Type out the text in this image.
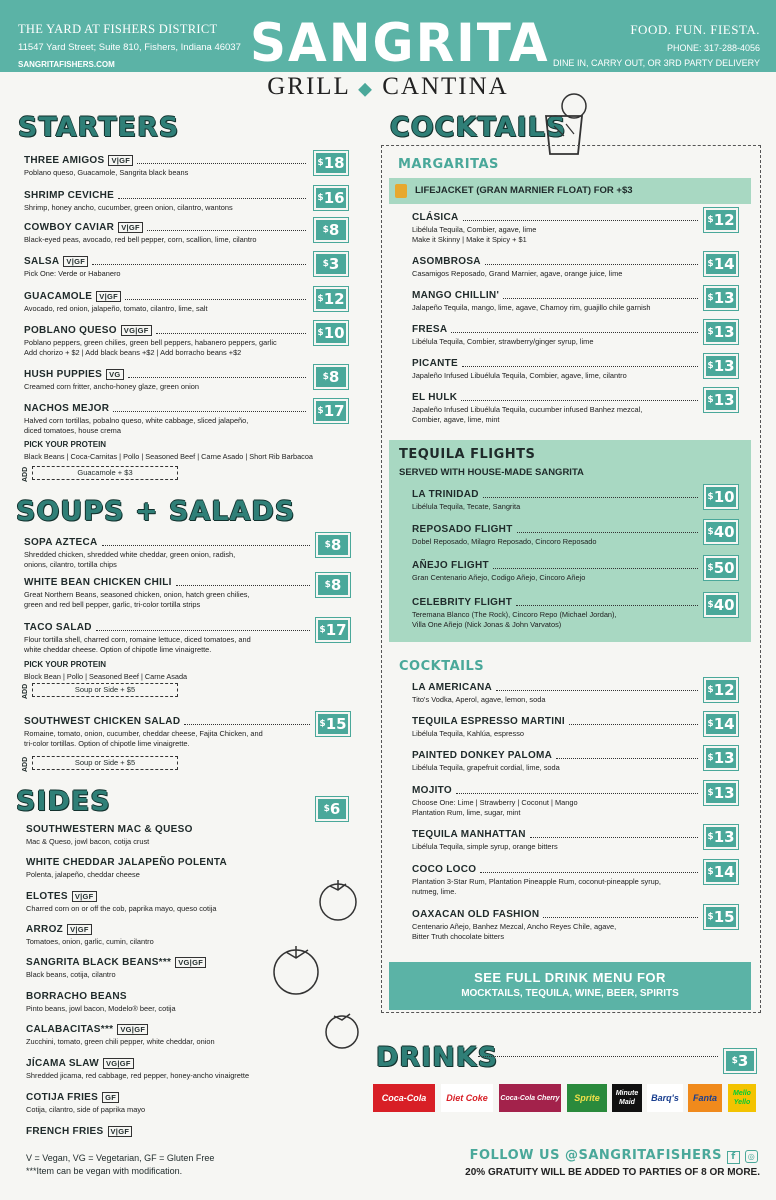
THE YARD AT FISHERS DISTRICT
11547 Yard Street; Suite 810, Fishers, Indiana 46037
SANGRITAFISHERS.COM
FOOD. FUN. FIESTA.
PHONE: 317-288-4056
DINE IN, CARRY OUT, OR 3RD PARTY DELIVERY
SANGRITA
GRILL ◆ CANTINA
STARTERS
THREE AMIGOS V|GF
Poblano queso, Guacamole, Sangrita black beans
$18
SHRIMP CEVICHE
Shrimp, honey ancho, cucumber, green onion, cilantro, wantons
$16
COWBOY CAVIAR V|GF
Black-eyed peas, avocado, red bell pepper, corn, scallion, lime, cilantro
$8
SALSA V|GF
Pick One: Verde or Habanero
$3
GUACAMOLE V|GF
Avocado, red onion, jalapeño, tomato, cilantro, lime, salt
$12
POBLANO QUESO VG|GF
Poblano peppers, green chilies, green bell peppers, habanero peppers, garlic
Add chorizo + $2 | Add black beans +$2 | Add borracho beans +$2
$10
HUSH PUPPIES VG
Creamed corn fritter, ancho-honey glaze, green onion
$8
NACHOS MEJOR
Halved corn tortillas, pobalno queso, white cabbage, sliced jalapeño,
diced tomatoes, house crema
$17
PICK YOUR PROTEIN
Black Beans | Coca-Carnitas | Pollo | Seasoned Beef | Carne Asado | Short Rib Barbacoa
ADD	Guacamole + $3
SOUPS + SALADS
SOPA AZTECA
Shredded chicken, shredded white cheddar, green onion, radish,
onions, cilantro, tortilla chips
$8
WHITE BEAN CHICKEN CHILI
Great Northern Beans, seasoned chicken, onion, hatch green chilies,
green and red bell pepper, garlic, tri-color tortilla strips
$8
TACO SALAD
Flour tortilla shell, charred corn, romaine lettuce, diced tomatoes, and
white cheddar cheese. Option of chipotle lime vinaigrette.
$17
SOUTHWEST CHICKEN SALAD
Romaine, tomato, onion, cucumber, cheddar cheese, Fajita Chicken, and
tri-color tortillas. Option of chipotle lime vinaigrette.
$15
PICK YOUR PROTEIN
Block Bean | Pollo | Seasoned Beef | Carne Asada
ADD	Soup or Side + $5
ADD	Soup or Side + $5
SIDES	$6
SOUTHWESTERN MAC & QUESO
Mac & Queso, jowl bacon, cotija crust
WHITE CHEDDAR JALAPEÑO POLENTA
Polenta, jalapeño, cheddar cheese
ELOTES V|GF
Charred corn on or off the cob, paprika mayo, queso cotija
ARROZ V|GF
Tomatoes, onion, garlic, cumin, cilantro
SANGRITA BLACK BEANS*** VG|GF
Black beans, cotija, cilantro
BORRACHO BEANS
Pinto beans, jowl bacon, Modelo® beer, cotija
CALABACITAS*** VG|GF
Zucchini, tomato, green chili pepper, white cheddar, onion
JÍCAMA SLAW VG|GF
Shredded jicama, red cabbage, red pepper, honey-ancho vinaigrette
COTIJA FRIES GF
Cotija, cilantro, side of paprika mayo
FRENCH FRIES V|GF
V = Vegan, VG = Vegetarian, GF = Gluten Free
***Item can be vegan with modification.
COCKTAILS
MARGARITAS
LIFEJACKET (GRAN MARNIER FLOAT) FOR +$3
CLÁSICA
Libélula Tequila, Combier, agave, lime
Make it Skinny | Make it Spicy + $1
$12
ASOMBROSA
Casamigos Reposado, Grand Marnier, agave, orange juice, lime
$14
MANGO CHILLIN'
Jalapeño Tequila, mango, lime, agave, Chamoy rim, guajillo chile garnish
$13
FRESA
Libélula Tequila, Combier, strawberry/ginger syrup, lime
$13
PICANTE
Japaleño Infused Libuélula Tequila, Combier, agave, lime, cilantro
$13
EL HULK
Japaleño Infused Libuélula Tequila, cucumber infused Banhez mezcal,
Combier, agave, lime, mint
$13
TEQUILA FLIGHTS
SERVED WITH HOUSE-MADE SANGRITA
LA TRINIDAD
Libélula Tequila, Tecate, Sangrita
$10
REPOSADO FLIGHT
Dobel Reposado, Milagro Reposado, Cincoro Reposado
$40
AÑEJO FLIGHT
Gran Centenario Añejo, Codigo Añejo, Cincoro Añejo
$50
CELEBRITY FLIGHT
Teremana Blanco (The Rock), Cincoro Repo (Michael Jordan),
Villa One Añejo (Nick Jonas & John Varvatos)
$40
COCKTAILS
LA AMERICANA
Tito's Vodka, Aperol, agave, lemon, soda
$12
TEQUILA ESPRESSO MARTINI
Libélula Tequila, Kahlúa, espresso
$14
PAINTED DONKEY PALOMA
Libélula Tequila, grapefruit cordial, lime, soda
$13
MOJITO
Choose One: Lime | Strawberry | Coconut | Mango
Plantation Rum, lime, sugar, mint
$13
TEQUILA MANHATTAN
Libélula Tequila, simple syrup, orange bitters
$13
COCO LOCO
Plantation 3-Star Rum, Plantation Pineapple Rum, coconut-pineapple syrup,
nutmeg, lime.
$14
OAXACAN OLD FASHION
Centenario Añejo, Banhez Mezcal, Ancho Reyes Chile, agave,
Bitter Truth chocolate bitters
$15
SEE FULL DRINK MENU FOR
MOCKTAILS, TEQUILA, WINE, BEER, SPIRITS
DRINKS	$3
Coca-Cola	Diet Coke	Coca-Cola Cherry	Sprite	Minute Maid	Barq's	Fanta	Mello Yello
FOLLOW US @SANGRITAFISHERS f ◎
20% GRATUITY WILL BE ADDED TO PARTIES OF 8 OR MORE.
